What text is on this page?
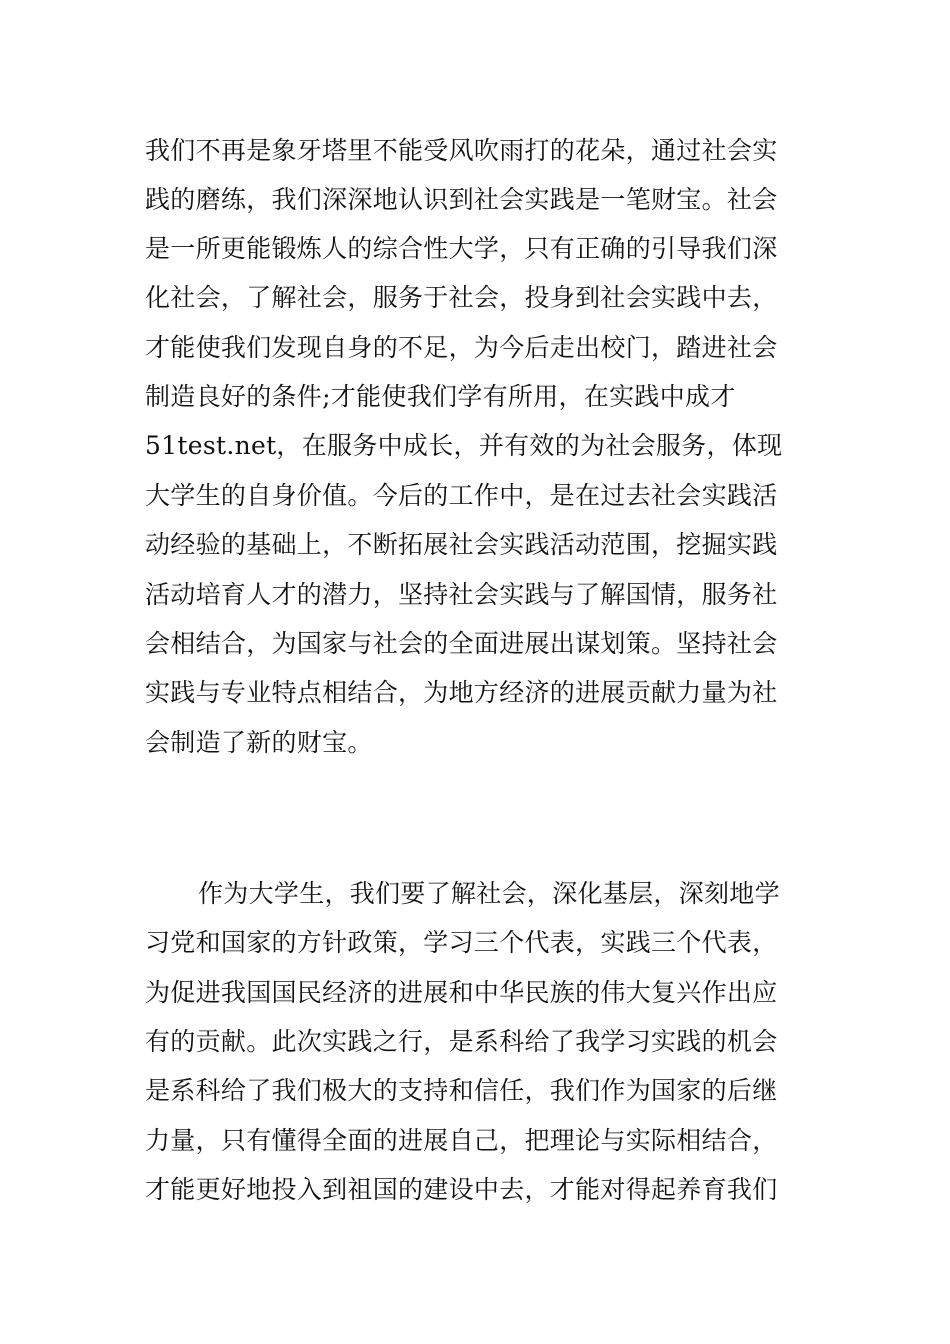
我们不再是象牙塔里不能受风吹雨打的花朵，通过社会实
践的磨练，我们深深地认识到社会实践是一笔财宝。社会
是一所更能锻炼人的综合性大学，只有正确的引导我们深
化社会，了解社会，服务于社会，投身到社会实践中去，
才能使我们发现自身的不足，为今后走出校门，踏进社会
制造良好的条件;才能使我们学有所用，在实践中成才
51test.net，在服务中成长，并有效的为社会服务，体现
大学生的自身价值。今后的工作中，是在过去社会实践活
动经验的基础上，不断拓展社会实践活动范围，挖掘实践
活动培育人才的潜力，坚持社会实践与了解国情，服务社
会相结合，为国家与社会的全面进展出谋划策。坚持社会
实践与专业特点相结合，为地方经济的进展贡献力量为社
会制造了新的财宝。
作为大学生，我们要了解社会，深化基层，深刻地学
习党和国家的方针政策，学习三个代表，实践三个代表，
为促进我国国民经济的进展和中华民族的伟大复兴作出应
有的贡献。此次实践之行，是系科给了我学习实践的机会
是系科给了我们极大的支持和信任，我们作为国家的后继
力量，只有懂得全面的进展自己，把理论与实际相结合，
才能更好地投入到祖国的建设中去，才能对得起养育我们
